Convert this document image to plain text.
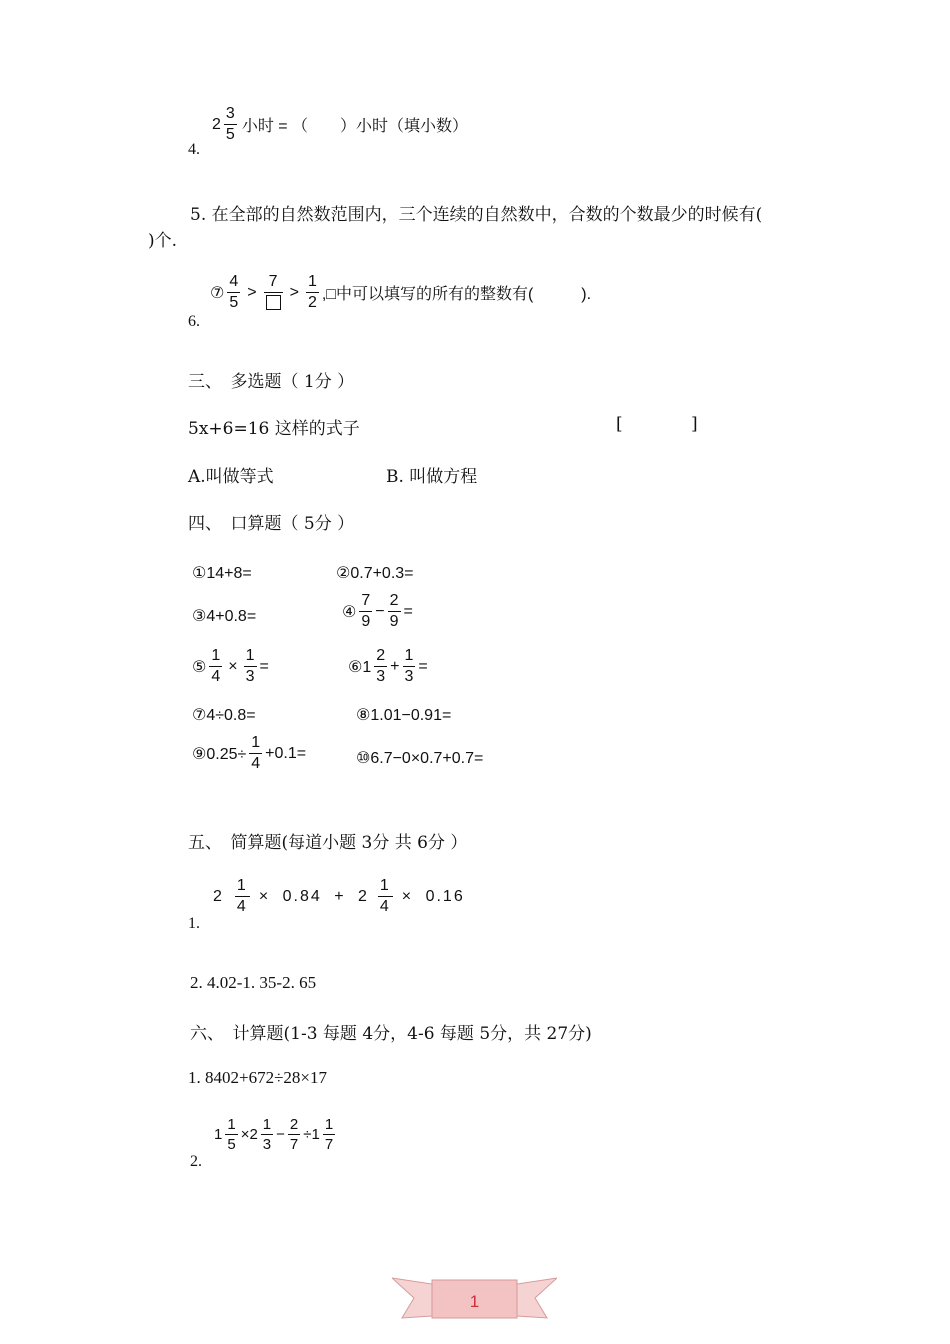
$2 \frac{3}{5}$ 小时 = （　　）小时（填小数）
4.
5. 在全部的自然数范围内，三个连续的自然数中，合数的个数最少的时候有(
)个.
⑦ $\frac{4}{5}$ >
7
> $\frac{1}{2}$ ,□中可以填写的所有的整数有(　　　).
6.
三、　多选题（ 1分 ）
5x+6=16 这样的式子	[	]
A.叫做等式	B. 叫做方程
四、　口算题（ 5分 ）
①14+8=	②0.7+0.3=
③4+0.8=	④ $\frac{7}{9} - \frac{2}{9}$ =
⑤ $\frac{1}{4} \times \frac{1}{3}$ =	⑥1 $\frac{2}{3} + \frac{1}{3}$ =
⑦4÷0.8=	⑧1.01−0.91=
⑨0.25÷ $\frac{1}{4} +0.1=$	⑩6.7−0×0.7+0.7=
五、　简算题(每道小题 3分 共 6分 ）
$2 \frac{1}{4} \times 0.84 + 2 \frac{1}{4} \times 0.16$
1.
2. 4.02-1. 35-2. 65
六、　计算题(1-3 每题 4分，4-6 每题 5分，共 27分)
1. 8402+672÷28×17
$1 \frac{1}{5} \times 2 \frac{1}{3} - \frac{2}{7} \div 1 \frac{1}{7}$
2.
1
